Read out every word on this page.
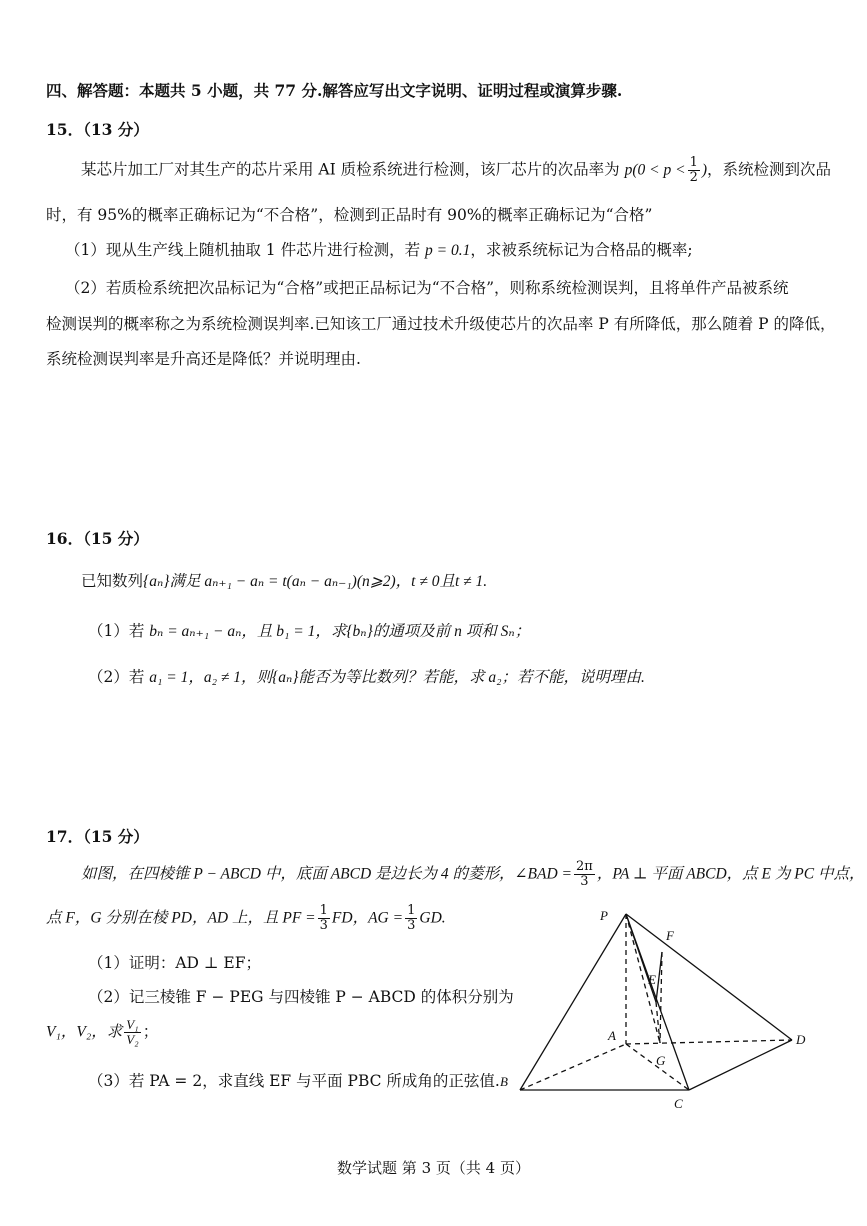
四、解答题：本题共 5 小题，共 77 分.解答应写出文字说明、证明过程或演算步骤.
15．（13 分）
某芯片加工厂对其生产的芯片采用 AI 质检系统进行检测，该厂芯片的次品率为 $p(0 < p < \frac{1}{2}$ )，系统检测到次品
时，有 95%的概率正确标记为“不合格”，检测到正品时有 90%的概率正确标记为“合格”
（1）现从生产线上随机抽取 1 件芯片进行检测，若 p = 0.1，求被系统标记为合格品的概率;
（2）若质检系统把次品标记为“合格”或把正品标记为“不合格”，则称系统检测误判，且将单件产品被系统
检测误判的概率称之为系统检测误判率.已知该工厂通过技术升级使芯片的次品率 P 有所降低，那么随着 P 的降低，
系统检测误判率是升高还是降低？并说明理由.
16．（15 分）
已知数列{aₙ}满足 aₙ₊₁ − aₙ = t(aₙ − aₙ₋₁)(n⩾2)，t ≠ 0且t ≠ 1.
（1）若 bₙ = aₙ₊₁ − aₙ，且 b₁ = 1，求{bₙ}的通项及前 n 项和 Sₙ；
（2）若 a₁ = 1，a₂ ≠ 1，则{aₙ}能否为等比数列？若能，求 a₂；若不能，说明理由.
17．（15 分）
如图，在四棱锥 P − ABCD 中，底面 ABCD 是边长为 4 的菱形，∠BAD = $\frac{2\pi}{3}$ ，PA ⊥ 平面 ABCD，点 E 为 PC 中点，
点 F，G 分别在棱 PD，AD 上，且 PF = $\frac{1}{3}$ FD，AG = $\frac{1}{3}$ GD.
（1）证明：AD ⊥ EF；
（2）记三棱锥 F − PEG 与四棱锥 P − ABCD 的体积分别为
V₁，V₂，求 $\frac{\text{V₁}}{\text{V₂}}$ ；
（3）若 PA = 2，求直线 EF 与平面 PBC 所成角的正弦值.
P
F
E
A
G
D
B
C
数学试题 第 3 页（共 4 页）
